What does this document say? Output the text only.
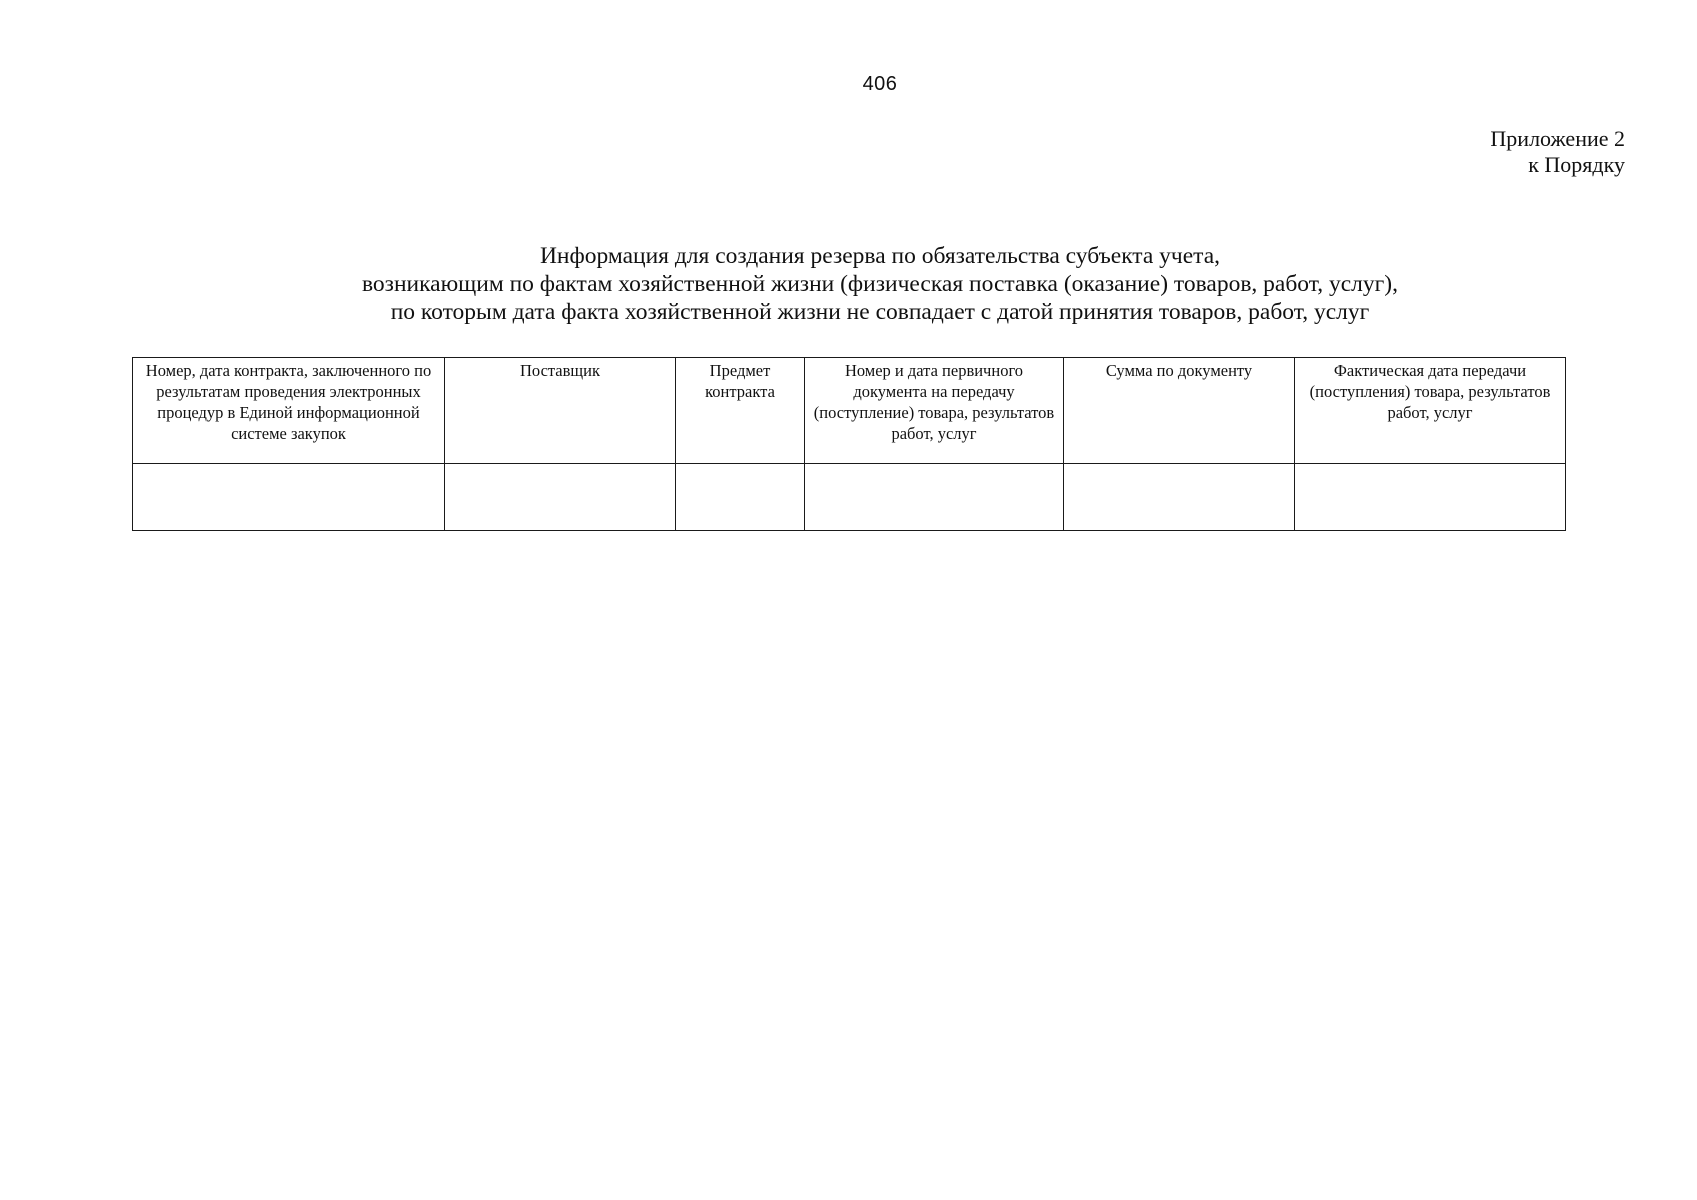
406
Приложение 2
к Порядку
Информация для создания резерва по обязательства субъекта учета,
возникающим по фактам хозяйственной жизни (физическая поставка (оказание) товаров, работ, услуг),
по которым дата факта хозяйственной жизни не совпадает с датой принятия товаров, работ, услуг
Номер, дата контракта, заключенного по результатам проведения электронных процедур в Единой информационной системе закупок	Поставщик	Предмет контракта	Номер и дата первичного документа на передачу (поступление) товара, результатов работ, услуг	Сумма по документу	Фактическая дата передачи (поступления) товара, результатов работ, услуг
